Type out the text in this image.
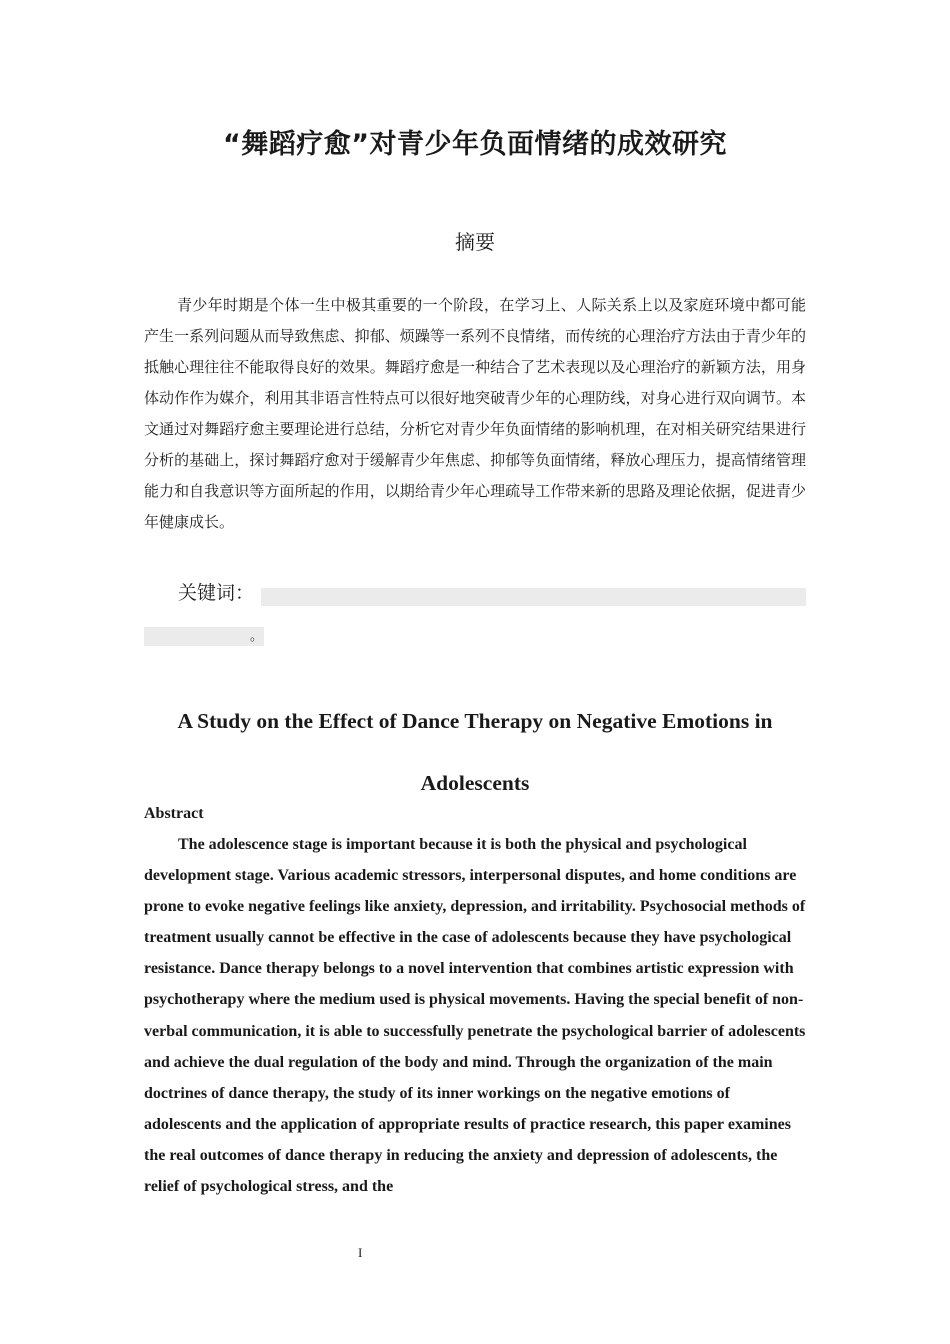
“舞蹈疗愈”对青少年负面情绪的成效研究
摘要
青少年时期是个体一生中极其重要的一个阶段，在学习上、人际关系上以及家庭环境中都可能产生一系列问题从而导致焦虑、抑郁、烦躁等一系列不良情绪，而传统的心理治疗方法由于青少年的抵触心理往往不能取得良好的效果。舞蹈疗愈是一种结合了艺术表现以及心理治疗的新颖方法，用身体动作作为媒介，利用其非语言性特点可以很好地突破青少年的心理防线，对身心进行双向调节。本文通过对舞蹈疗愈主要理论进行总结，分析它对青少年负面情绪的影响机理，在对相关研究结果进行分析的基础上，探讨舞蹈疗愈对于缓解青少年焦虑、抑郁等负面情绪，释放心理压力，提高情绪管理能力和自我意识等方面所起的作用，以期给青少年心理疏导工作带来新的思路及理论依据，促进青少年健康成长。
关键词：
。
A Study on the Effect of Dance Therapy on Negative Emotions in Adolescents
Abstract
The adolescence stage is important because it is both the physical and psychological development stage. Various academic stressors, interpersonal disputes, and home conditions are prone to evoke negative feelings like anxiety, depression, and irritability. Psychosocial methods of treatment usually cannot be effective in the case of adolescents because they have psychological resistance. Dance therapy belongs to a novel intervention that combines artistic expression with psychotherapy where the medium used is physical movements. Having the special benefit of non-verbal communication, it is able to successfully penetrate the psychological barrier of adolescents and achieve the dual regulation of the body and mind. Through the organization of the main doctrines of dance therapy, the study of its inner workings on the negative emotions of adolescents and the application of appropriate results of practice research, this paper examines the real outcomes of dance therapy in reducing the anxiety and depression of adolescents, the relief of psychological stress, and the
I
